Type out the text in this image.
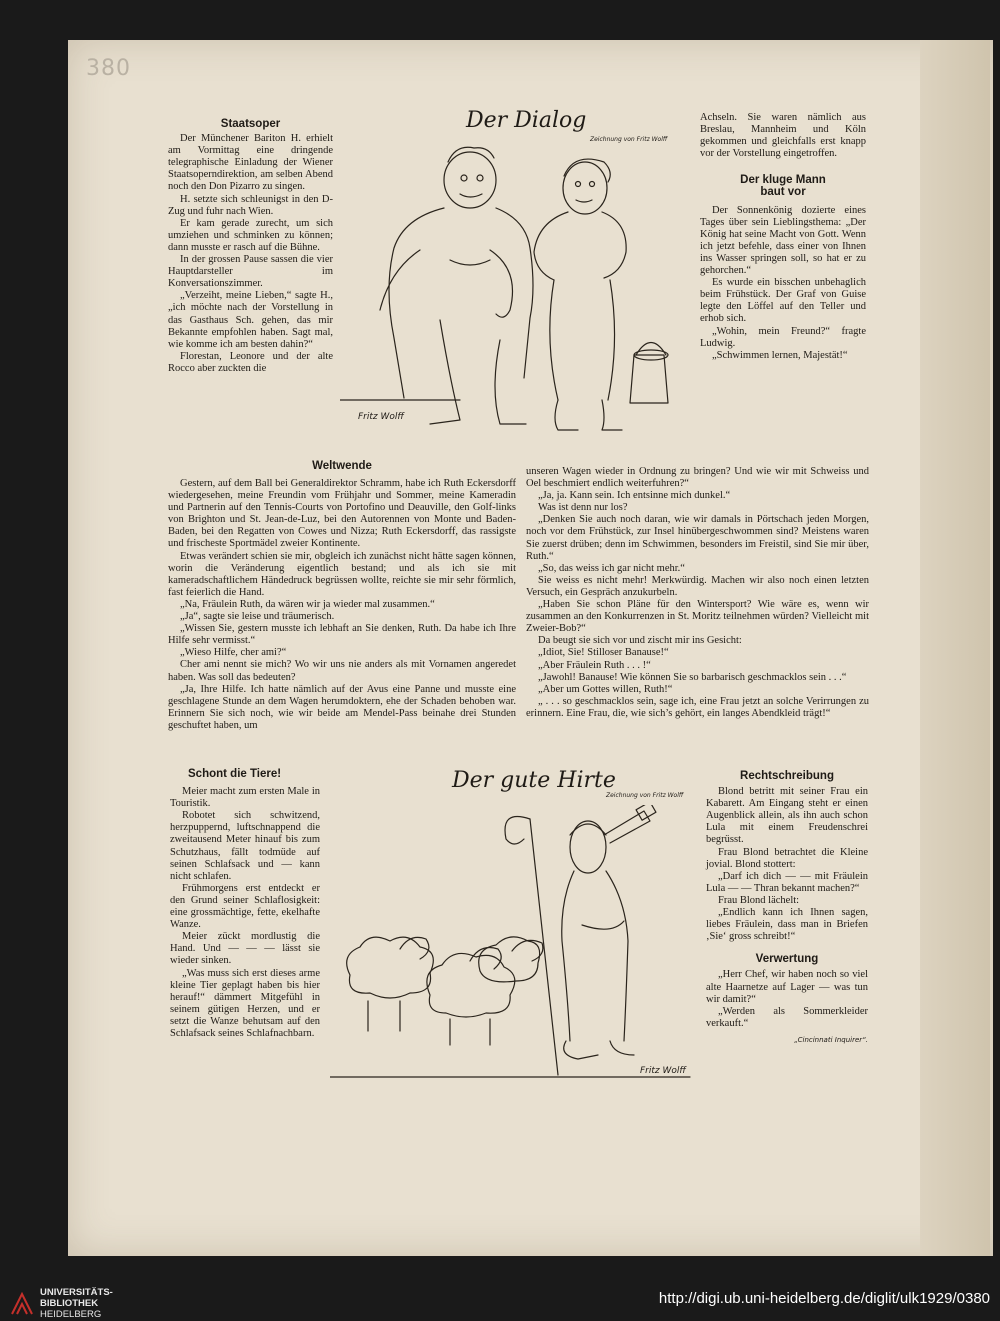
380
Staatsoper

Der Münchener Bariton H. erhielt am Vormittag eine dringende telegraphische Einladung der Wiener Staatsoperndirektion, am selben Abend noch den Don Pizarro zu singen.

H. setzte sich schleunigst in den D-Zug und fuhr nach Wien.

Er kam gerade zurecht, um sich umziehen und schminken zu können; dann musste er rasch auf die Bühne.

In der grossen Pause sassen die vier Hauptdarsteller im Konversationszimmer.

„Verzeiht, meine Lieben,“ sagte H., „ich möchte nach der Vorstellung in das Gasthaus Sch. gehen, das mir Bekannte empfohlen haben. Sagt mal, wie komme ich am besten dahin?“

Florestan, Leonore und der alte Rocco aber zuckten die

Der Dialog
Zeichnung von Fritz Wolff
Fritz Wolff

Achseln. Sie waren nämlich aus Breslau, Mannheim und Köln gekommen und gleichfalls erst knapp vor der Vorstellung eingetroffen.

Der kluge Mann
baut vor

Der Sonnenkönig dozierte eines Tages über sein Lieblingsthema: „Der König hat seine Macht von Gott. Wenn ich jetzt befehle, dass einer von Ihnen ins Wasser springen soll, so hat er zu gehorchen.“

Es wurde ein bisschen unbehaglich beim Frühstück. Der Graf von Guise legte den Löffel auf den Teller und erhob sich.

„Wohin, mein Freund?“ fragte Ludwig.

„Schwimmen lernen, Majestät!“

Weltwende

Gestern, auf dem Ball bei Generaldirektor Schramm, habe ich Ruth Eckersdorff wiedergesehen, meine Freundin vom Frühjahr und Sommer, meine Kameradin und Partnerin auf den Tennis-Courts von Portofino und Deauville, den Golf-links von Brighton und St. Jean-de-Luz, bei den Autorennen von Monte und Baden-Baden, bei den Regatten von Cowes und Nizza; Ruth Eckersdorff, das rassigste und frischeste Sportmädel zweier Kontinente.

Etwas verändert schien sie mir, obgleich ich zunächst nicht hätte sagen können, worin die Veränderung eigentlich bestand; und als ich sie mit kameradschaftlichem Händedruck begrüssen wollte, reichte sie mir sehr förmlich, fast feierlich die Hand.

„Na, Fräulein Ruth, da wären wir ja wieder mal zusammen.“

„Ja“, sagte sie leise und träumerisch.

„Wissen Sie, gestern musste ich lebhaft an Sie denken, Ruth. Da habe ich Ihre Hilfe sehr vermisst.“

„Wieso Hilfe, cher ami?“

Cher ami nennt sie mich? Wo wir uns nie anders als mit Vornamen angeredet haben. Was soll das bedeuten?

„Ja, Ihre Hilfe. Ich hatte nämlich auf der Avus eine Panne und musste eine geschlagene Stunde an dem Wagen herumdoktern, ehe der Schaden behoben war. Erinnern Sie sich noch, wie wir beide am Mendel-Pass beinahe drei Stunden geschuftet haben, um

unseren Wagen wieder in Ordnung zu bringen? Und wie wir mit Schweiss und Oel beschmiert endlich weiterfuhren?“

„Ja, ja. Kann sein. Ich entsinne mich dunkel.“

Was ist denn nur los?

„Denken Sie auch noch daran, wie wir damals in Pörtschach jeden Morgen, noch vor dem Frühstück, zur Insel hinübergeschwommen sind? Meistens waren Sie zuerst drüben; denn im Schwimmen, besonders im Freistil, sind Sie mir über, Ruth.“

„So, das weiss ich gar nicht mehr.“

Sie weiss es nicht mehr! Merkwürdig. Machen wir also noch einen letzten Versuch, ein Gespräch anzukurbeln.

„Haben Sie schon Pläne für den Wintersport? Wie wäre es, wenn wir zusammen an den Konkurrenzen in St. Moritz teilnehmen würden? Vielleicht mit Zweier-Bob?“

Da beugt sie sich vor und zischt mir ins Gesicht:

„Idiot, Sie! Stilloser Banause!“

„Aber Fräulein Ruth . . . !“

„Jawohl! Banause! Wie können Sie so barbarisch geschmacklos sein . . .“

„Aber um Gottes willen, Ruth!“

„ . . . so geschmacklos sein, sage ich, eine Frau jetzt an solche Verirrungen zu erinnern. Eine Frau, die, wie sich’s gehört, ein langes Abendkleid trägt!“

Schont die Tiere!

Meier macht zum ersten Male in Touristik.

Robotet sich schwitzend, herzpuppernd, luftschnappend die zweitausend Meter hinauf bis zum Schutzhaus, fällt todmüde auf seinen Schlafsack und — kann nicht schlafen.

Frühmorgens erst entdeckt er den Grund seiner Schlaflosigkeit: eine grossmächtige, fette, ekelhafte Wanze.

Meier zückt mordlustig die Hand. Und — — — lässt sie wieder sinken.

„Was muss sich erst dieses arme kleine Tier geplagt haben bis hier herauf!“ dämmert Mitgefühl in seinem gütigen Herzen, und er setzt die Wanze behutsam auf den Schlafsack seines Schlafnachbarn.

Der gute Hirte
Zeichnung von Fritz Wolff
Fritz Wolff
Rechtschreibung

Blond betritt mit seiner Frau ein Kabarett. Am Eingang steht er einen Augenblick allein, als ihn auch schon Lula mit einem Freudenschrei begrüsst.

Frau Blond betrachtet die Kleine jovial. Blond stottert:

„Darf ich dich — — mit Fräulein Lula — — Thran bekannt machen?“

Frau Blond lächelt:

„Endlich kann ich Ihnen sagen, liebes Fräulein, dass man in Briefen ‚Sie‘ gross schreibt!“

Verwertung

„Herr Chef, wir haben noch so viel alte Haarnetze auf Lager — was tun wir damit?“

„Werden als Sommerkleider verkauft.“

„Cincinnati Inquirer“.
UNIVERSITÄTS-
BIBLIOTHEK
HEIDELBERG
http://digi.ub.uni-heidelberg.de/diglit/ulk1929/0380
